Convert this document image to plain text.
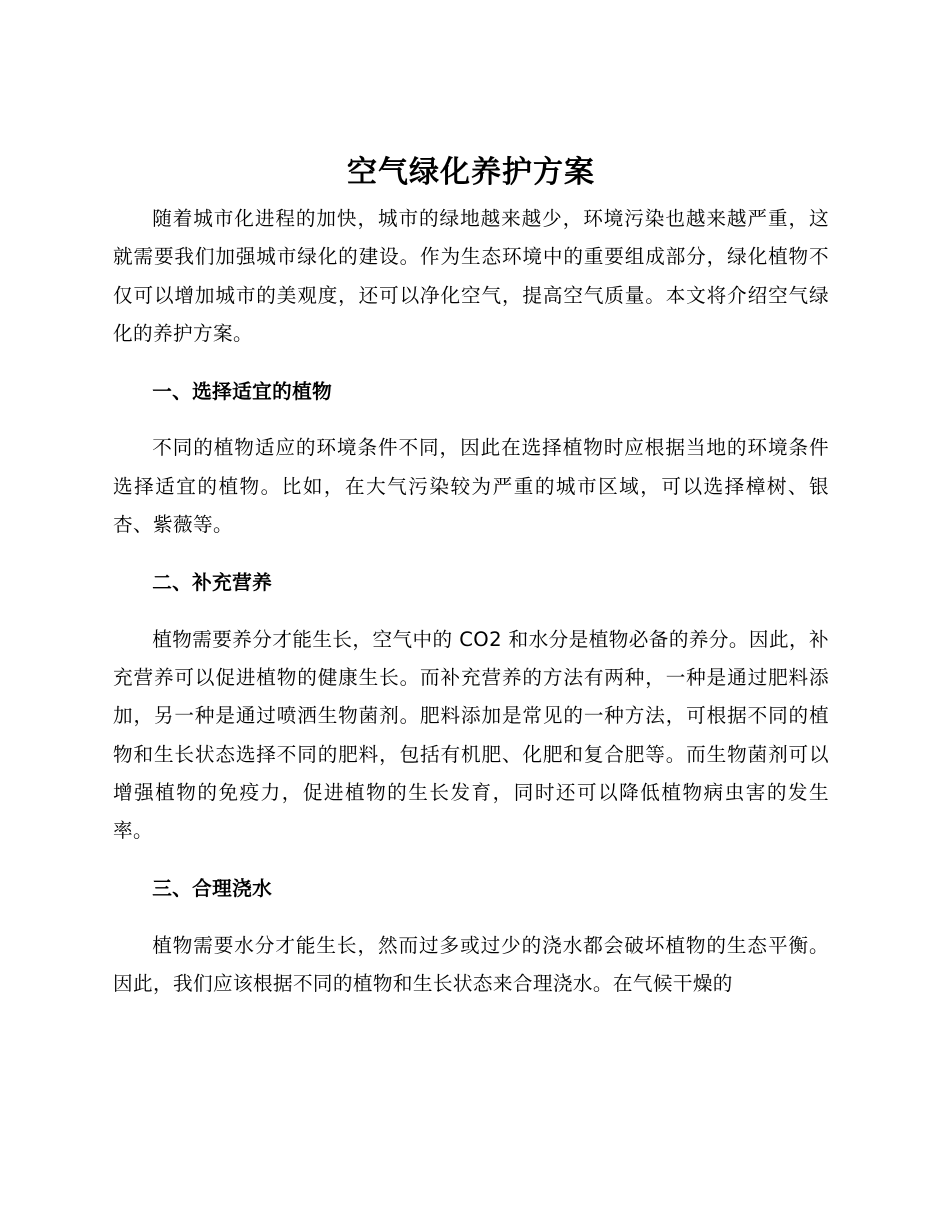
空气绿化养护方案

随着城市化进程的加快，城市的绿地越来越少，环境污染也越来越严重，这就需要我们加强城市绿化的建设。作为生态环境中的重要组成部分，绿化植物不仅可以增加城市的美观度，还可以净化空气，提高空气质量。本文将介绍空气绿化的养护方案。

一、选择适宜的植物

不同的植物适应的环境条件不同，因此在选择植物时应根据当地的环境条件选择适宜的植物。比如，在大气污染较为严重的城市区域，可以选择樟树、银杏、紫薇等。

二、补充营养

植物需要养分才能生长，空气中的 CO2 和水分是植物必备的养分。因此，补充营养可以促进植物的健康生长。而补充营养的方法有两种，一种是通过肥料添加，另一种是通过喷洒生物菌剂。肥料添加是常见的一种方法，可根据不同的植物和生长状态选择不同的肥料，包括有机肥、化肥和复合肥等。而生物菌剂可以增强植物的免疫力，促进植物的生长发育，同时还可以降低植物病虫害的发生率。

三、合理浇水

植物需要水分才能生长，然而过多或过少的浇水都会破坏植物的生态平衡。因此，我们应该根据不同的植物和生长状态来合理浇水。在气候干燥的
